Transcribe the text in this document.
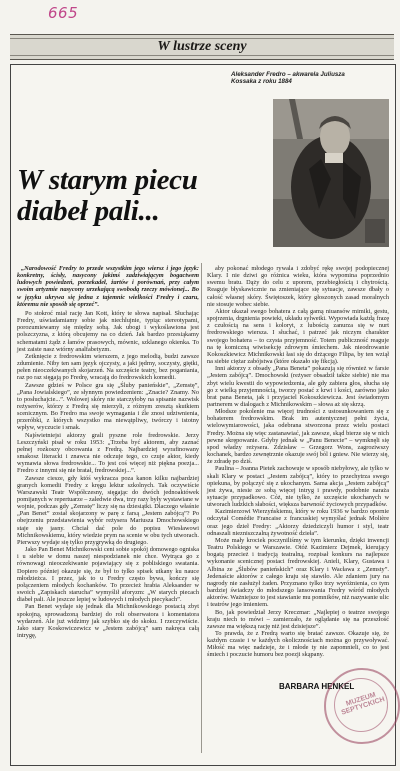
665
W lustrze sceny
Aleksander Fredro – akwarela Juliusza Kossaka z roku 1884
W starym piecu diabeł pali...

„Narodowość Fredry to przede wszystkim jego wiersz i jego język: konkretny, ścisły, nasycony jakimś zadziwiającym bogactwem ludowych powiedzeń, porzekadeł, żartów i porównań, przy całym swoim artyzmie nasycony urzekającą swobodą rzeczy mówionej... Bo w języku ukrywa się jedna z tajemnic wielkości Fredry i czaru, któremu nie sposób się oprzeć”.

Po stokroć miał rację Jan Kott, który te słowa napisał. Słuchając Fredry, uświadamiamy sobie jak niechlujnie, typiąc stereotypami, porozumiewamy się między sobą. Jak ubogi i wykoślawiona jest polszczyzna, z którą obcujemy na co dzień. Jak bardzo przesiąkamy schematami żądz z łamów prasowych, mównic, szklanego okienka. To jest zaiste nasz wtórny analfabetyzm.

Zetknięcie z fredrowskim wierszem, z jego melodią, budzi zawsze zdumienie. Niby ten sam język ojczysty, a jaki jędrny, soczysty, giętki, pełen nieoczekiwanych skojarzeń. Na szczęście teatry, bez poganiania, raz po raz sięgają po Fredrę, wracają do fredrowskich komedii.

Zawsze gdzieś w Polsce gra się „Śluby panieńskie”, „Zemstę”, „Pana Jowialskiego”, ze słynnym powiedzeniem: „Znacie? Znamy. No to posłuchajcie...”. Wolowej skóry nie starczyłoby na spisanie nazwisk reżyserów, którzy z Fredrą się mierzyli, z różnym zresztą skutkiem scenicznym. Bo Fredro ma swoje wymagania i źle znosi udziwnienia, przeróbki, z których wszystko ma niewątpliwy, twórczy i istotny wpływ, wyczucie i smak.

Najświetniejsi aktorzy grali pyszne role fredrowskie. Jerzy Leszczyński pisał w roku 1953: „Trzeba być aktorem, aby zaznać pełnej rozkoszy obcowania z Fredrą. Najbardziej wyrafinowany smakosz literacki i znawca nie odczuje tego, co czuje aktor, kiedy wymawia słowa fredrowskie... To jest coś więcej niż piękna poezja... Fredro z innymi się nie bratał, fredrowskiej...”.

Zawsze ciesze, gdy któś wykracza poza kanon kilku najbardziej granych komedii Fredry z kręgu lektur szkolnych. Tak oczywiście Warszawski Teatr Współczesny, sięgając do dwóch jednoaktówek pomijanych w repertuarze – zaledwie dwa, trzy razy były wystawiane w wojnie, podczas gdy „Zemstę” liczy się na dziesiątki. Dlaczego właśnie „Pan Benet” został skojarzony w parę z farsą „Jestem zabójcą”? Po obejrzeniu przedstawienia wybór reżysera Mariusza Dmochowskiego staje się jasny. Chciał dać pole do popisu Wiesławowi Michnikowskiemu, który wiedzie prym na scenie w obu tych utworach. Pierwszy wydaje się tylko przygrywką do drugiego.

Jako Pan Benet Michnikowski ceni sobie spokój domowego ogniska i u siebie w domu naszej niespodzianek nie chce. Wytrąca go z równowagi nieoczekiwanie pojawiający się z pobliskiego swatania. Dopiero później okazuje się, że był to tylko spisek utkany ku nauce młodzieżca. I przez, jak to u Fredry często bywa, kończy się połączeniem młodych kochanków. To przecież hrabia Aleksander w swoich „Zapiskach starucha” wymyślił aforyzm: „W starych piecach diabeł pali. Ale jeszcze lepiej w ludowych i młodych piecykach”.

Pan Benet wydaje się jednak dla Michnikowskiego postacią zbyt spokojną, sprowadzoną bardziej do roli obserwatora i komentatora wydarzeń. Ale już widzimy jak szybko się do skoku. I rzeczywiście. Jako stary Koskowiczewicz w „Jestem zabójcą” sam nakręca całą intrygę,

aby pokonać młodego rywala i zdobyć rękę swojej podopiecznej Klary. I nie dziwi go różnica wieku, która wypomina poprzednio swemu bratu. Dąży do celu z uporem, przebiegłością i chytrością. Reaguje błyskawicznie na zmieniające się sytuacje, zawsze dbały o całość własnej skóry. Świętoszek, który głoszonych zasad moralnych nie stosuje wobec siebie.

Aktor ukazał swego bohatera z całą gamą niuansów mimiki, gestu, spojrzenia, drgnienia powieki, układu sylwetki. Wypowiada każdą frazę z czułością na sens i koloryt, z lubością zanurza się w nurt fredrowskiego wiersza. I słuchać, i patrzeć jak niczym charakter swojego bohatera – to czysta przyjemność. Totem publiczność reaguje na tę komiczną wiwisekcję zdrowym śmiechem. Jak nieodrowanie Kokoszkiewicz Michnikowski łasi się do drżącego Filipa, by ten wziął na siebie ciężar zabójstwa (które okazało się fikcją).

Inni aktorzy z obsady „Pana Beneta” pokazują się również w farsie „Jestem zabójcą”. Dmochowski (reżyser obsadził także siebie) nie ma zbyt wielu kwestii do wypowiedzenia, ale gdy zabiera głos, słucha się go z wielką przyjemnością, tworzy postać z krwi i kości, zarówno jako brat pana Beneta, jak i przyjaciel Kokoszkiewicza. Jest świadomym partnerem w dialogach z Michnikowskim – słowa aż się skrzą.

Młodsze pokolenie ma więcej trudności z ustosunkowaniem się z bohaterem fredrowskim. Brak im autentycznej pełni życia, wielowymiarowości, jaka odebrana stworzona przez wielu postaci Fredry. Można się więc zastanawiać, jak zawsze, skąd bierze się w nich pewne skrępowanie. Gdyby jednak w „Panu Benecie” – wymknęli się spod władzy reżysera. Zdzisław – Grzegorz Wons, zagroziwszy kochanek, bardzo zewnętrznie okazuje swój ból i gniew. Nie wierzy się, że zdradę po dziś.

Paulina – Joanna Pietek zachowuje w sposób niebyłowy, ale tylko w skali Klary w postaci „Jestem zabójcą”, który to przechytrza swego opiekuna, by połączyć się z ukochanym. Sama akcja „Jestem zabójcą” jest żywa, niesie ze sobą więcej intryg i prawdy, podobnie naraża sytuacje przypadkowo. Cóż, nie tylko, że szczęście ukochanych w utworach ludzkich słabości, większa barwność życiowych przypadków.

Kazimierzowi Wierzyńskiemu, który w roku 1936 w bardzo opornie odczytał Comédie Francaise z francuskiej wymyślać jednak Molière oraz jego dzieł Fredry: „Aktorzy dziedziczyli humor i styl, teatr odnaszali niezniszczalną żywotność dzieła”.

Może mały krociek poczyniliśmy w tym kierunku, dzięki inwencji Teatru Polskiego w Warszawie. Otóż Kazimierz Dejmek, kierujący bogatą przecież i tradycją teatralną, rozpisał konkurs na najlepsze wykonanie scenicznej postaci fredrowskiej. Anieli, Klary, Gustawa i Albina ze „Ślubów panieńskich” oraz Klary i Wacława z „Zemsty”. Jedenaście aktorów z całego kraju się stawiło. Ale zdaniem jury na nagrody nie zasłużył żaden. Przyznano tylko trzy wyróżnienia, co tym bardziej świadczy do młodszego lansowania Fredry wśród młodych aktorów. Ważniejsze to jest stawianie mu pomników, niż nazywanie ulic i teatrów jego imieniem.

Bo, jak powiedział Jerzy Kreczmar: „Najlepiej o teatrze swojego kraju niech to mówi – zamierzało, że oglądanie się na przeszłość zawsze ma większą rację niż jest dzisiejsze”.

To prawda, że z Fredrą warto się bratać zawsze. Okazuje się, że każdym czasie i w każdych okolicznościach można go przywoływać. Miłość ma więc nadzieje, że i młode ty nie zapomnieli, co to jest śmiech i poczucie humoru bez poezji skąpany.

BARBARA HENKEL
MUZEUM SEPTYCKICH
